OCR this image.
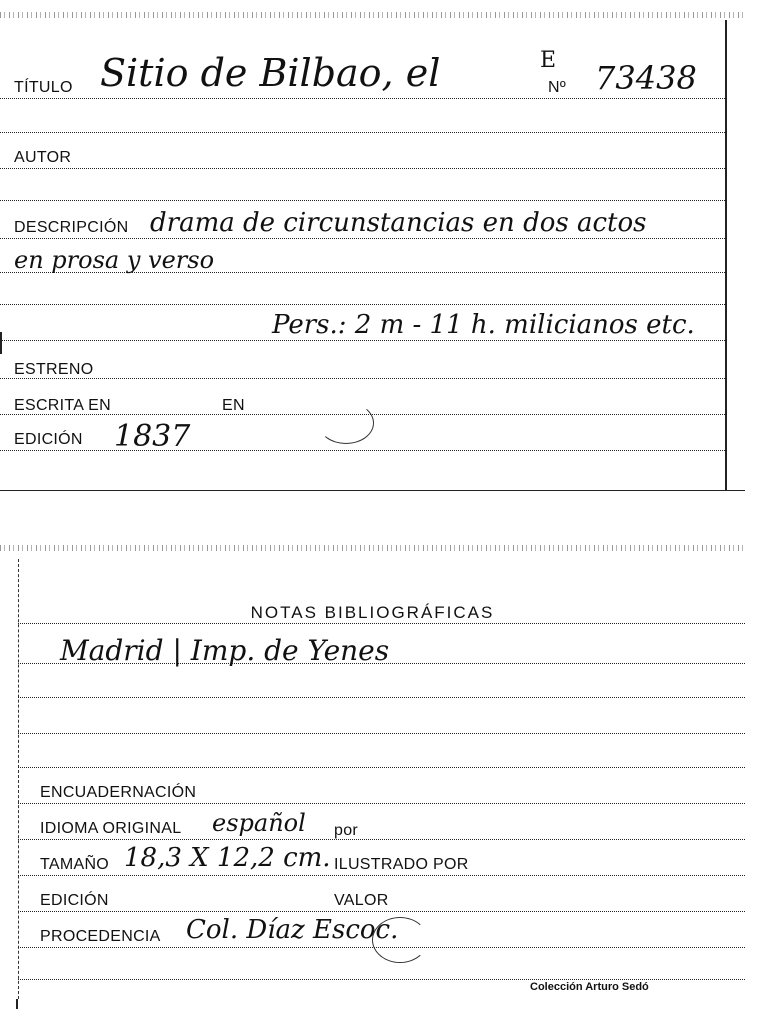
TÍTULO Sitio de Bilbao, el	E
Nº 73438
AUTOR
DESCRIPCIÓN drama de circunstancias en dos actos
en prosa y verso
Pers.: 2 m - 11 h. milicianos etc.
ESTRENO
ESCRITA EN	EN
EDICIÓN 1837
NOTAS BIBLIOGRÁFICAS
Madrid | Imp. de Yenes
ENCUADERNACIÓN
IDIOMA ORIGINAL español por
TAMAÑO 18,3 X 12,2 cm. ILUSTRADO POR
EDICIÓN	VALOR
PROCEDENCIA Col. Díaz Escoc.
Colección Arturo Sedó
